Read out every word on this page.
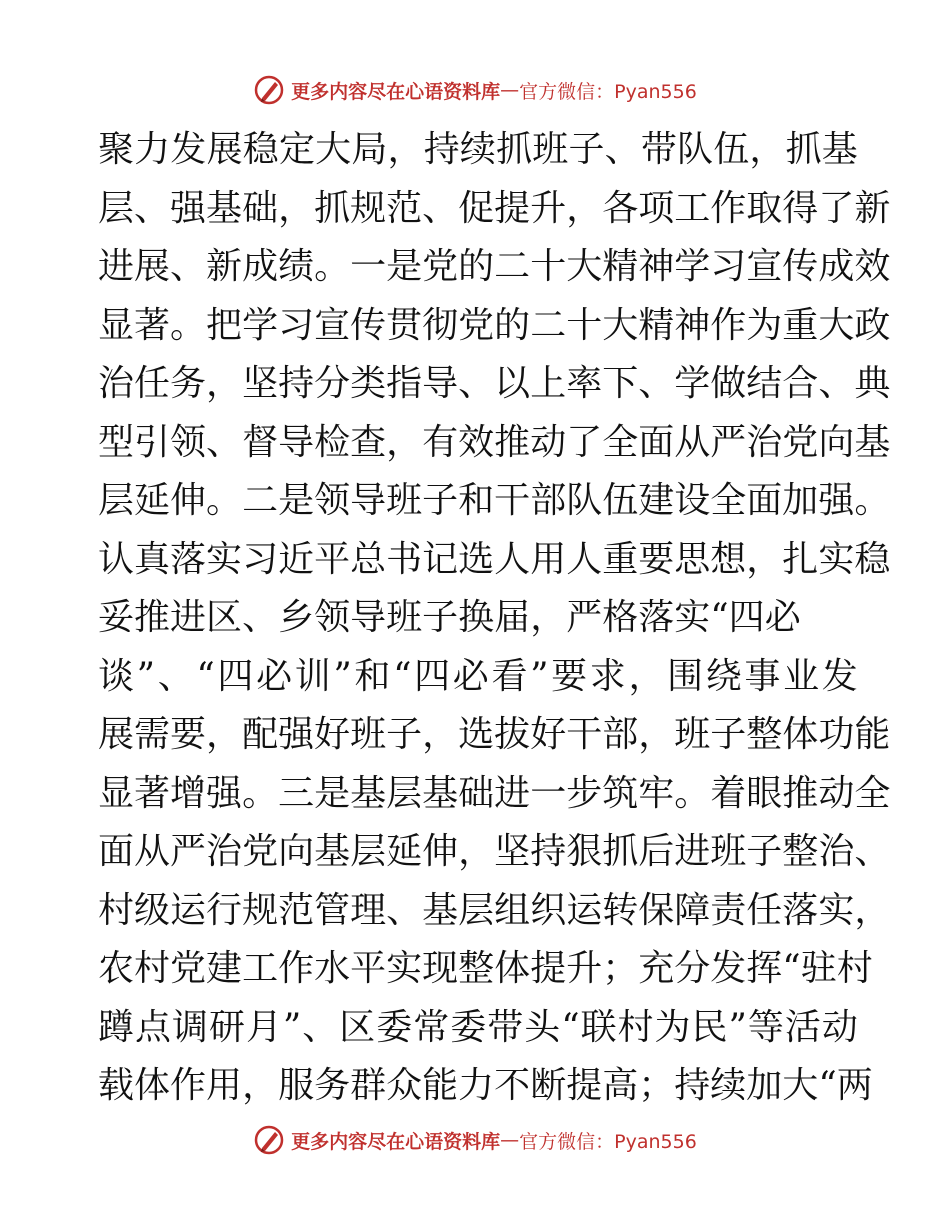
更多内容尽在心语资料库 — 官方微信：Pyan556
聚 力 发 展 稳 定 大 局 ， 持 续 抓 班 子 、 带 队 伍 ， 抓 基
层 、 强 基 础 ， 抓 规 范 、 促 提 升 ， 各 项 工 作 取 得 了 新
进 展 、 新 成 绩 。 一 是 党 的 二 十 大 精 神 学 习 宣 传 成 效
显 著 。 把 学 习 宣 传 贯 彻 党 的 二 十 大 精 神 作 为 重 大 政
治 任 务 ， 坚 持 分 类 指 导 、 以 上 率 下 、 学 做 结 合 、 典
型 引 领 、 督 导 检 查 ， 有 效 推 动 了 全 面 从 严 治 党 向 基
层 延 伸 。 二 是 领 导 班 子 和 干 部 队 伍 建 设 全 面 加 强 。
认 真 落 实 习 近 平 总 书 记 选 人 用 人 重 要 思 想 ， 扎 实 稳
妥 推 进 区 、 乡 领 导 班 子 换 届 ， 严 格 落 实 “ 四 必
谈 ” 、 “ 四 必 训 ” 和 “ 四 必 看 ” 要 求 ， 围 绕 事 业 发
展 需 要 ， 配 强 好 班 子 ， 选 拔 好 干 部 ， 班 子 整 体 功 能
显 著 增 强 。 三 是 基 层 基 础 进 一 步 筑 牢 。 着 眼 推 动 全
面 从 严 治 党 向 基 层 延 伸 ， 坚 持 狠 抓 后 进 班 子 整 治 、
村 级 运 行 规 范 管 理 、 基 层 组 织 运 转 保 障 责 任 落 实 ，
农 村 党 建 工 作 水 平 实 现 整 体 提 升 ； 充 分 发 挥 “ 驻 村
蹲 点 调 研 月 ” 、 区 委 常 委 带 头 “ 联 村 为 民 ” 等 活 动
载 体 作 用 ， 服 务 群 众 能 力 不 断 提 高 ； 持 续 加 大 “ 两
更多内容尽在心语资料库 — 官方微信：Pyan556
